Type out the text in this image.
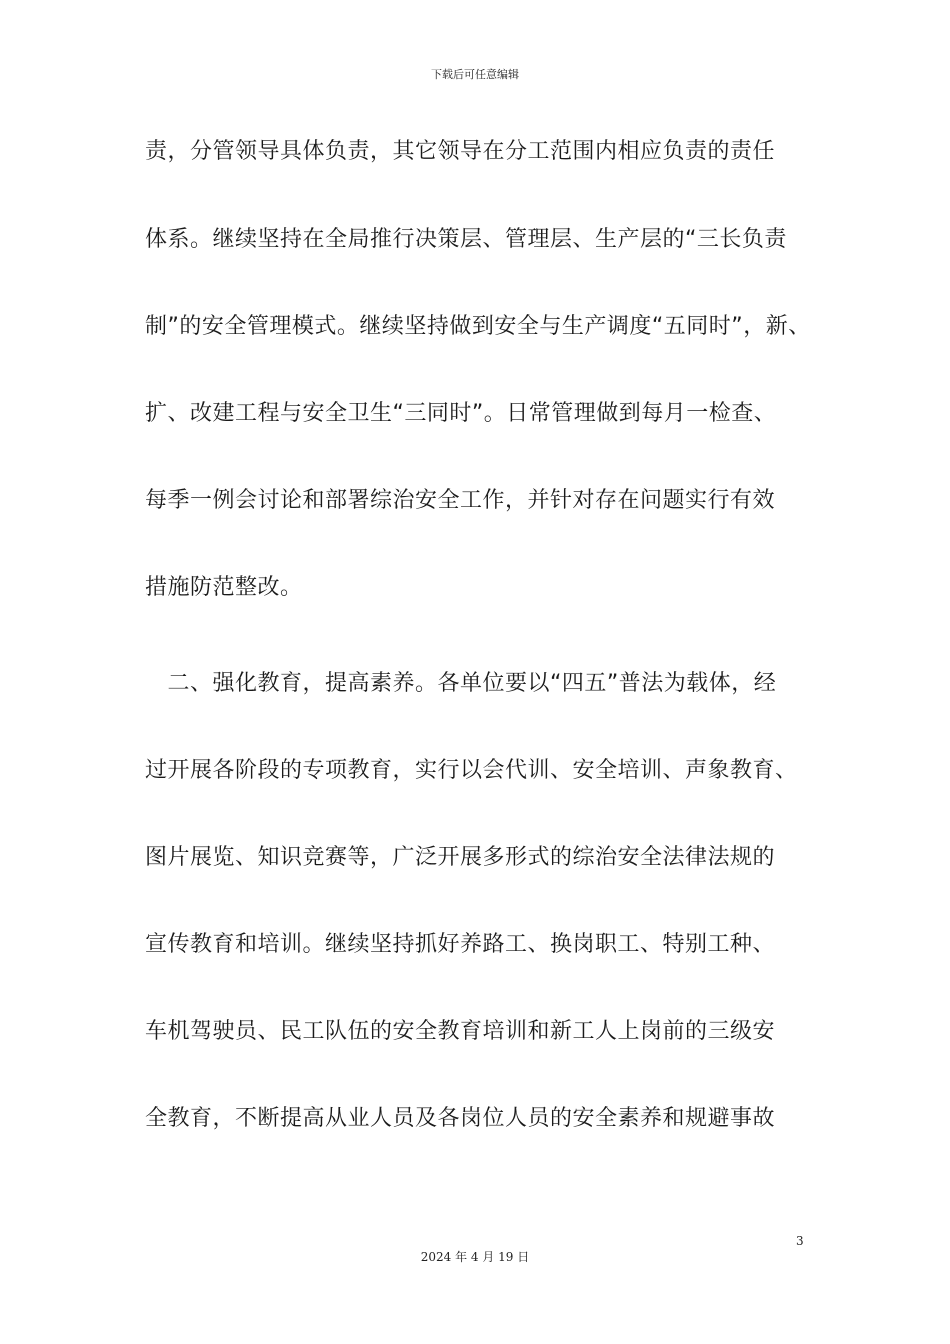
下载后可任意编辑
责，分管领导具体负责，其它领导在分工范围内相应负责的责任
体系。继续坚持在全局推行决策层、管理层、生产层的“三长负责
制”的安全管理模式。继续坚持做到安全与生产调度“五同时”，新、
扩、改建工程与安全卫生“三同时”。日常管理做到每月一检查、
每季一例会讨论和部署综治安全工作，并针对存在问题实行有效
措施防范整改。
　二、强化教育，提高素养。各单位要以“四五”普法为载体，经
过开展各阶段的专项教育，实行以会代训、安全培训、声象教育、
图片展览、知识竞赛等，广泛开展多形式的综治安全法律法规的
宣传教育和培训。继续坚持抓好养路工、换岗职工、特别工种、
车机驾驶员、民工队伍的安全教育培训和新工人上岗前的三级安
全教育，不断提高从业人员及各岗位人员的安全素养和规避事故
3
2024 年 4 月 19 日
